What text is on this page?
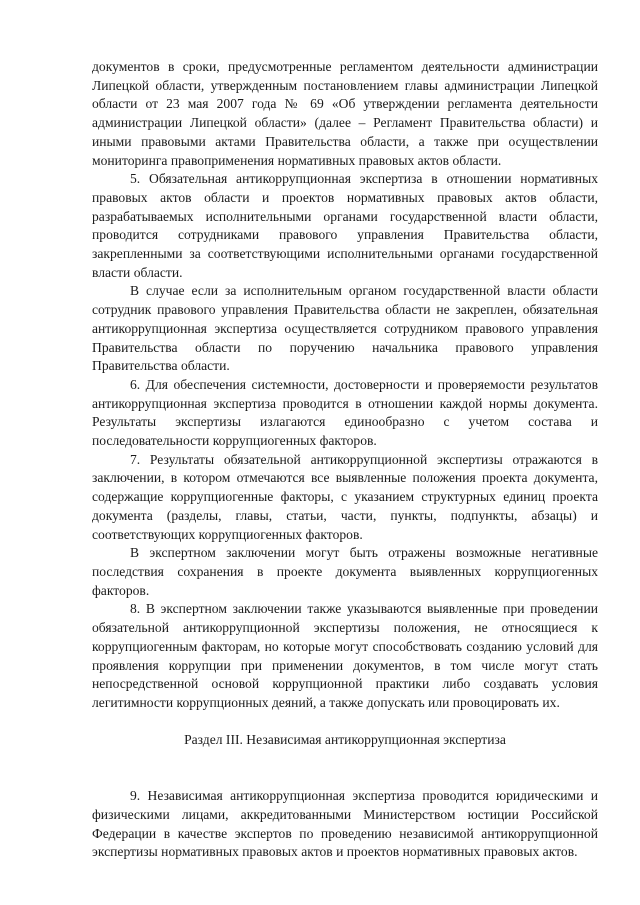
документов в сроки, предусмотренные регламентом деятельности администрации Липецкой области, утвержденным постановлением главы администрации Липецкой области от 23 мая 2007 года № 69 «Об утверждении регламента деятельности администрации Липецкой области» (далее – Регламент Правительства области) и иными правовыми актами Правительства области, а также при осуществлении мониторинга правоприменения нормативных правовых актов области.

5. Обязательная антикоррупционная экспертиза в отношении нормативных правовых актов области и проектов нормативных правовых актов области, разрабатываемых исполнительными органами государственной власти области, проводится сотрудниками правового управления Правительства области, закрепленными за соответствующими исполнительными органами государственной власти области.

В случае если за исполнительным органом государственной власти области сотрудник правового управления Правительства области не закреплен, обязательная антикоррупционная экспертиза осуществляется сотрудником правового управления Правительства области по поручению начальника правового управления Правительства области.

6. Для обеспечения системности, достоверности и проверяемости результатов антикоррупционная экспертиза проводится в отношении каждой нормы документа. Результаты экспертизы излагаются единообразно с учетом состава и последовательности коррупциогенных факторов.

7. Результаты обязательной антикоррупционной экспертизы отражаются в заключении, в котором отмечаются все выявленные положения проекта документа, содержащие коррупциогенные факторы, с указанием структурных единиц проекта документа (разделы, главы, статьи, части, пункты, подпункты, абзацы) и соответствующих коррупциогенных факторов.

В экспертном заключении могут быть отражены возможные негативные последствия сохранения в проекте документа выявленных коррупциогенных факторов.

8. В экспертном заключении также указываются выявленные при проведении обязательной антикоррупционной экспертизы положения, не относящиеся к коррупциогенным факторам, но которые могут способствовать созданию условий для проявления коррупции при применении документов, в том числе могут стать непосредственной основой коррупционной практики либо создавать условия легитимности коррупционных деяний, а также допускать или провоцировать их.

Раздел III. Независимая антикоррупционная экспертиза

9. Независимая антикоррупционная экспертиза проводится юридическими и физическими лицами, аккредитованными Министерством юстиции Российской Федерации в качестве экспертов по проведению независимой антикоррупционной экспертизы нормативных правовых актов и проектов нормативных правовых актов.
